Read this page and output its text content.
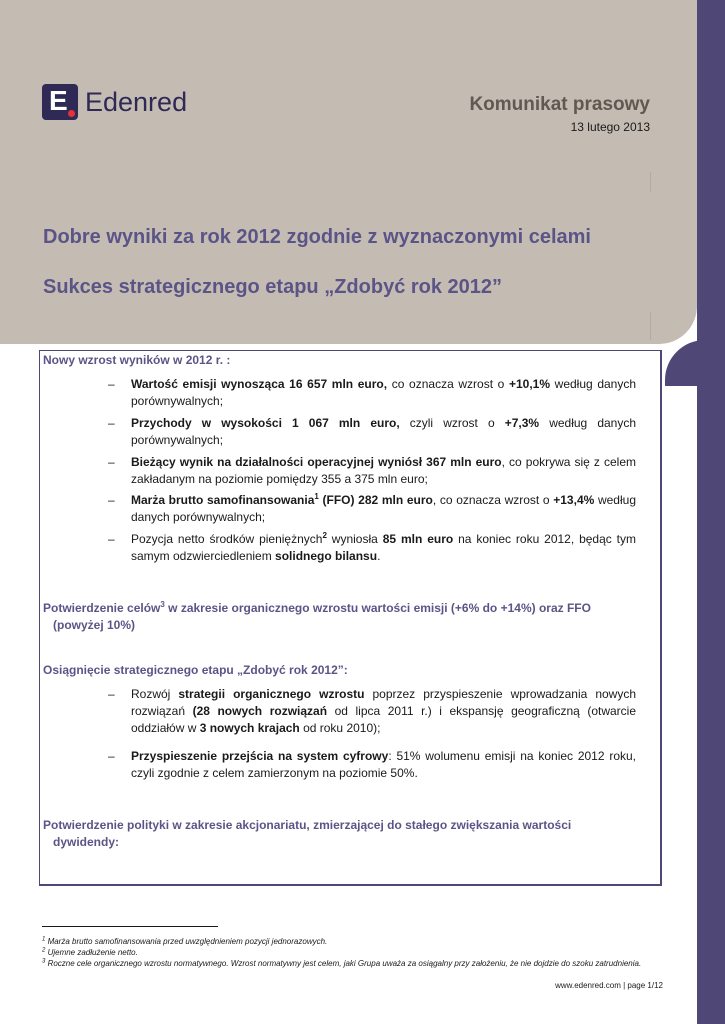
E Edenred	Komunikat prasowy
13 lutego 2013
Dobre wyniki za rok 2012 zgodnie z wyznaczonymi celami
Sukces strategicznego etapu „Zdobyć rok 2012”
Nowy wzrost wyników w 2012 r. :
– Wartość emisji wynosząca 16 657 mln euro, co oznacza wzrost o +10,1% według danych porównywalnych;
– Przychody w wysokości 1 067 mln euro, czyli wzrost o +7,3% według danych porównywalnych;
– Bieżący wynik na działalności operacyjnej wyniósł 367 mln euro, co pokrywa się z celem zakładanym na poziomie pomiędzy 355 a 375 mln euro;
– Marża brutto samofinansowania$^1$ (FFO) 282 mln euro, co oznacza wzrost o +13,4% według danych porównywalnych;
– Pozycja netto środków pieniężnych$^2$ wyniosła 85 mln euro na koniec roku 2012, będąc tym samym odzwierciedleniem solidnego bilansu.
Potwierdzenie celów$^3$ w zakresie organicznego wzrostu wartości emisji (+6% do +14%) oraz FFO
(powyżej 10%)
Osiągnięcie strategicznego etapu „Zdobyć rok 2012”:
– Rozwój strategii organicznego wzrostu poprzez przyspieszenie wprowadzania nowych rozwiązań (28 nowych rozwiązań od lipca 2011 r.) i ekspansję geograficzną (otwarcie oddziałów w 3 nowych krajach od roku 2010);
– Przyspieszenie przejścia na system cyfrowy: 51% wolumenu emisji na koniec 2012 roku, czyli zgodnie z celem zamierzonym na poziomie 50%.
Potwierdzenie polityki w zakresie akcjonariatu, zmierzającej do stałego zwiększania wartości
dywidendy:
$^1$ Marża brutto samofinansowania przed uwzględnieniem pozycji jednorazowych.
$^2$ Ujemne zadłużenie netto.
$^3$ Roczne cele organicznego wzrostu normatywnego. Wzrost normatywny jest celem, jaki Grupa uważa za osiągalny przy założeniu, że nie dojdzie do szoku zatrudnienia.
www.edenred.com | page 1/12
